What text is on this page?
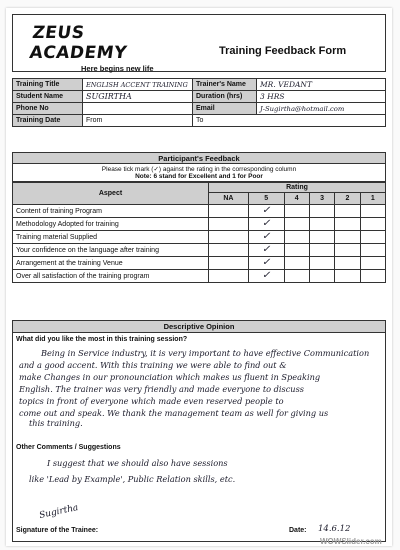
ZEUS ACADEMY
Here begins new life
Training Feedback Form
Training Title	ENGLISH ACCENT TRAINING	Trainer's Name	MR. VEDANT
Student Name	SUGIRTHA	Duration (hrs)	3 HRS
Phone No		Email	J-Sugirtha@hotmail.com
Training Date	From	To	
Participant's Feedback
Please tick mark (✓) against the rating in the corresponding column
Note: 6 stand for Excellent and 1 for Poor
Aspect	Rating					
	NA	5	4	3	2	1
Content of training Program		✓				
Methodology Adopted for training		✓				
Training material Supplied		✓				
Your confidence on the language after training		✓				
Arrangement at the training Venue		✓				
Over all satisfaction of the training program		✓				
Descriptive Opinion
What did you like the most in this training session?
Being in Service industry, it is very important to have effective Communication
and a good accent. With this training we were able to find out &
make Changes in our pronounciation which makes us fluent in Speaking
English. The trainer was very friendly and made everyone to discuss
topics in front of everyone which made even reserved people to
come out and speak. We thank the management team as well for giving us
this training.
Other Comments / Suggestions
I suggest that we should also have sessions
like 'Lead by Example', Public Relation skills, etc.
Sugirtha
Signature of the Trainee:	Date: 14.6.12
WOWSlider.com
